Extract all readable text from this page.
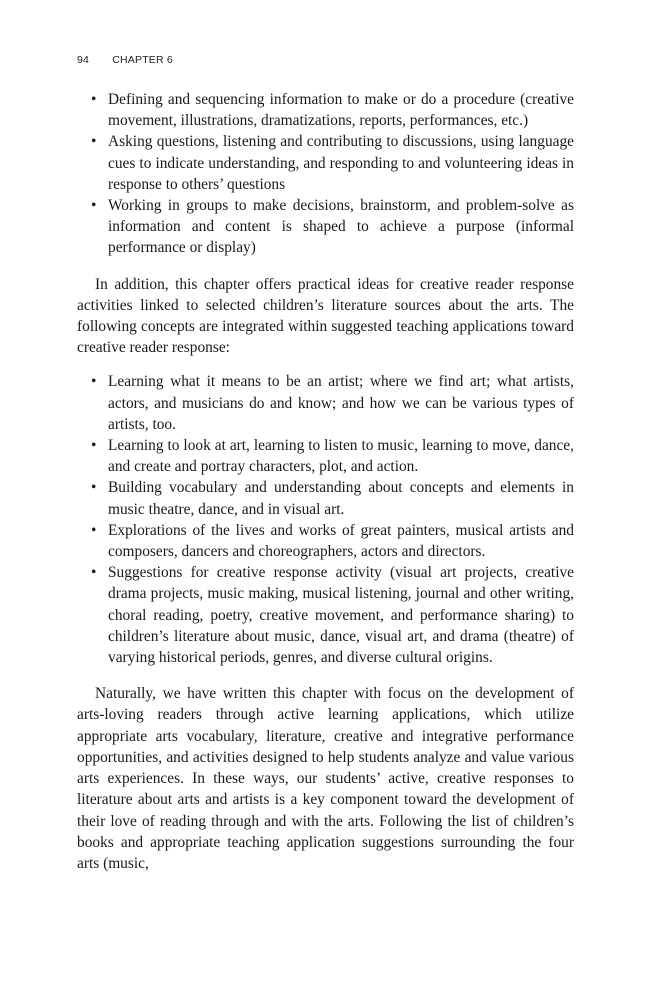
94 CHAPTER 6
• Defining and sequencing information to make or do a procedure (creative movement, illustrations, dramatizations, reports, performances, etc.)
• Asking questions, listening and contributing to discussions, using language cues to indicate understanding, and responding to and volunteering ideas in response to others’ questions
• Working in groups to make decisions, brainstorm, and problem-solve as information and content is shaped to achieve a purpose (informal performance or display)

In addition, this chapter offers practical ideas for creative reader response activities linked to selected children’s literature sources about the arts. The following concepts are integrated within suggested teaching applications toward creative reader response:

• Learning what it means to be an artist; where we find art; what artists, actors, and musicians do and know; and how we can be various types of artists, too.
• Learning to look at art, learning to listen to music, learning to move, dance, and create and portray characters, plot, and action.
• Building vocabulary and understanding about concepts and elements in music theatre, dance, and in visual art.
• Explorations of the lives and works of great painters, musical artists and composers, dancers and choreographers, actors and directors.
• Suggestions for creative response activity (visual art projects, creative drama projects, music making, musical listening, journal and other writing, choral reading, poetry, creative movement, and performance sharing) to children’s literature about music, dance, visual art, and drama (theatre) of varying historical periods, genres, and diverse cultural origins.

Naturally, we have written this chapter with focus on the development of arts-loving readers through active learning applications, which utilize appropriate arts vocabulary, literature, creative and integrative performance opportunities, and activities designed to help students analyze and value various arts experiences. In these ways, our students’ active, creative responses to literature about arts and artists is a key component toward the development of their love of reading through and with the arts. Following the list of children’s books and appropriate teaching application suggestions surrounding the four arts (music,
